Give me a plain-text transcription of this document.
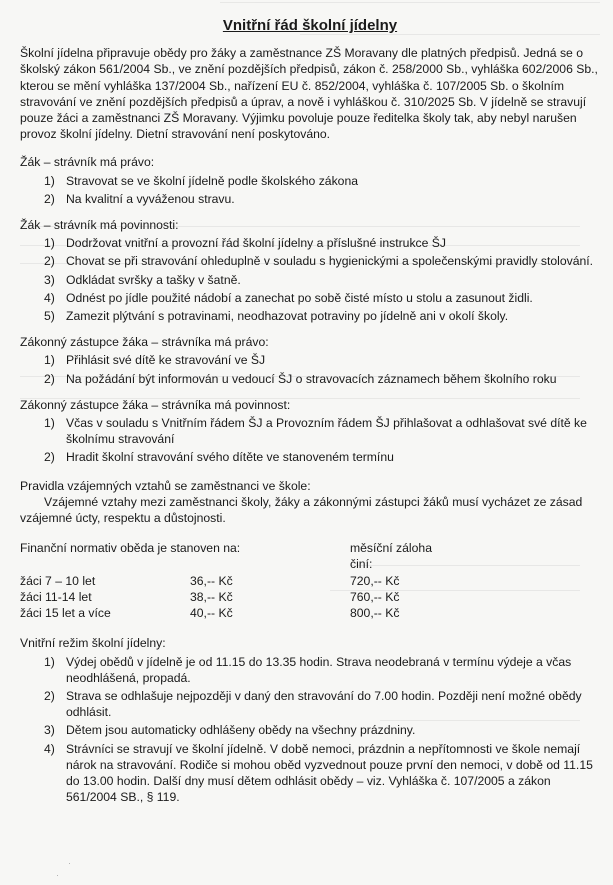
Vnitřní řád školní jídelny

Školní jídelna připravuje obědy pro žáky a zaměstnance ZŠ Moravany dle platných předpisů. Jedná se o školský zákon 561/2004 Sb., ve znění pozdějších předpisů, zákon č. 258/2000 Sb., vyhláška 602/2006 Sb., kterou se mění vyhláška 137/2004 Sb., nařízení EU č. 852/2004, vyhláška č. 107/2005 Sb. o školním stravování ve znění pozdějších předpisů a úprav, a nově i vyhláškou č. 310/2025 Sb. V jídelně se stravují pouze žáci a zaměstnanci ZŠ Moravany. Výjimku povoluje pouze ředitelka školy tak, aby nebyl narušen provoz školní jídelny. Dietní stravování není poskytováno.

Žák – strávník má právo:

1) Stravovat se ve školní jídelně podle školského zákona
2) Na kvalitní a vyváženou stravu.

Žák – strávník má povinnosti:

1) Dodržovat vnitřní a provozní řád školní jídelny a příslušné instrukce ŠJ
2) Chovat se při stravování ohleduplně v souladu s hygienickými a společenskými pravidly stolování.
3) Odkládat svršky a tašky v šatně.
4) Odnést po jídle použité nádobí a zanechat po sobě čisté místo u stolu a zasunout židli.
5) Zamezit plýtvání s potravinami, neodhazovat potraviny po jídelně ani v okolí školy.

Zákonný zástupce žáka – strávníka má právo:

1) Přihlásit své dítě ke stravování ve ŠJ
2) Na požádání být informován u vedoucí ŠJ o stravovacích záznamech během školního roku

Zákonný zástupce žáka – strávníka má povinnost:

1) Včas v souladu s Vnitřním řádem ŠJ a Provozním řádem ŠJ přihlašovat a odhlašovat své dítě ke školnímu stravování
2) Hradit školní stravování svého dítěte ve stanoveném termínu

Pravidla vzájemných vztahů se zaměstnanci ve škole:

Vzájemné vztahy mezi zaměstnanci školy, žáky a zákonnými zástupci žáků musí vycházet ze zásad vzájemné úcty, respektu a důstojnosti.

Finanční normativ oběda je stanoven na:		měsíční záloha činí:
žáci 7 – 10 let	36,-- Kč	720,-- Kč
žáci 11-14 let	38,-- Kč	760,-- Kč
žáci 15 let a více	40,-- Kč	800,-- Kč

Vnitřní režim školní jídelny:

1) Výdej obědů v jídelně je od 11.15 do 13.35 hodin. Strava neodebraná v termínu výdeje a včas neodhlášená, propadá.
2) Strava se odhlašuje nejpozději v daný den stravování do 7.00 hodin. Později není možné obědy odhlásit.
3) Dětem jsou automaticky odhlášeny obědy na všechny prázdniny.
4) Strávníci se stravují ve školní jídelně. V době nemoci, prázdnin a nepřítomnosti ve škole nemají nárok na stravování. Rodiče si mohou oběd vyzvednout pouze první den nemoci, v době od 11.15 do 13.00 hodin. Další dny musí dětem odhlásit obědy – viz. Vyhláška č. 107/2005 a zákon 561/2004 SB., § 119.
·
·
